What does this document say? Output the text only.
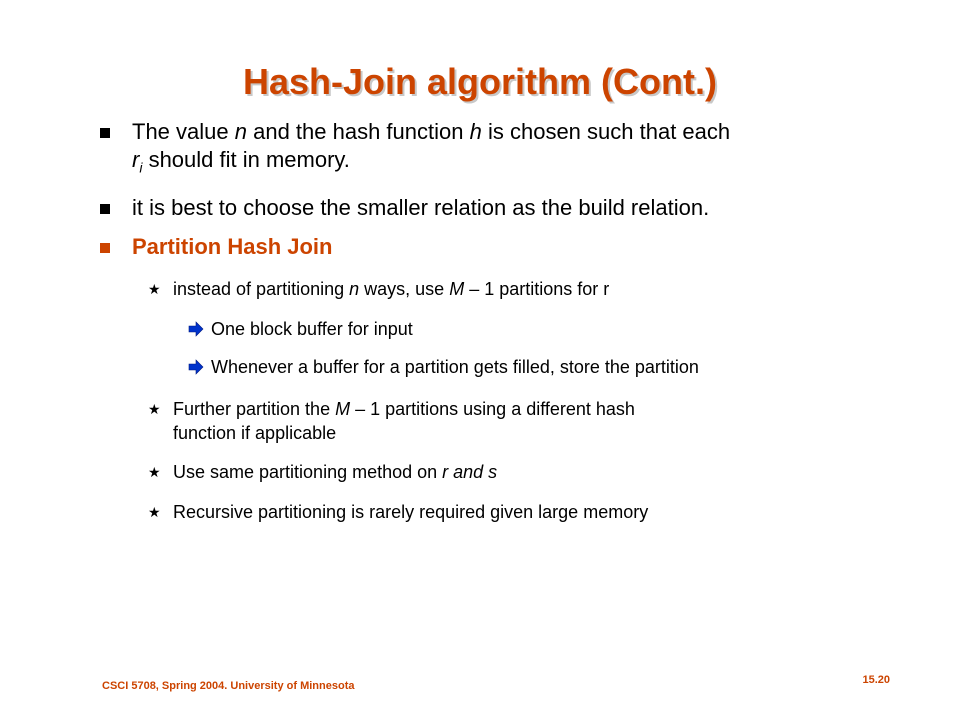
Hash-Join algorithm (Cont.)
The value n and the hash function h is chosen such that each
$r_i$ should fit in memory.
it is best to choose the smaller relation as the build relation.
Partition Hash Join
★ instead of partitioning n ways, use M – 1 partitions for r
One block buffer for input
Whenever a buffer for a partition gets filled, store the partition
★ Further partition the M – 1 partitions using a different hash
function if applicable
★ Use same partitioning method on r and s
★ Recursive partitioning is rarely required given large memory
CSCI 5708, Spring 2004. University of Minnesota	15.20
